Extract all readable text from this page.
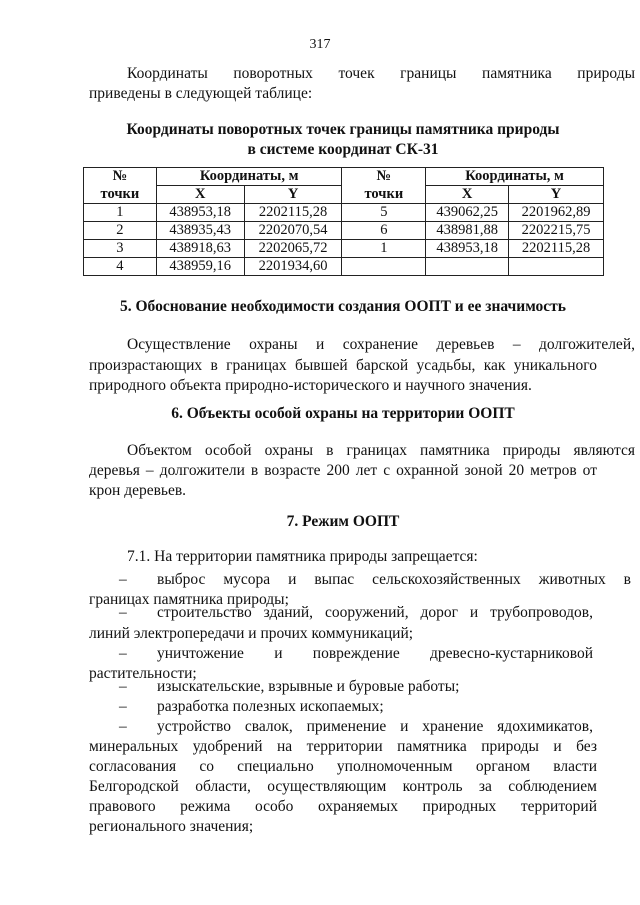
317
Координаты поворотных точек границы памятника природы
приведены в следующей таблице:
Координаты поворотных точек границы памятника природы
в системе координат СК-31
№	Координаты, м		№	Координаты, м	
точки	X	Y	точки	X	Y
1	438953,18	2202115,28	5	439062,25	2201962,89
2	438935,43	2202070,54	6	438981,88	2202215,75
3	438918,63	2202065,72	1	438953,18	2202115,28
4	438959,16	2201934,60			
5. Обоснование необходимости создания ООПТ и ее значимость
Осуществление охраны и сохранение деревьев – долгожителей,
произрастающих в границах бывшей барской усадьбы, как уникального
природного объекта природно-исторического и научного значения.
6. Объекты особой охраны на территории ООПТ
Объектом особой охраны в границах памятника природы являются
деревья – долгожители в возрасте 200 лет с охранной зоной 20 метров от
крон деревьев.
7. Режим ООПТ
7.1. На территории памятника природы запрещается:
– выброс мусора и выпас сельскохозяйственных животных в
границах памятника природы;
– строительство зданий, сооружений, дорог и трубопроводов,
линий электропередачи и прочих коммуникаций;
– уничтожение и повреждение древесно-кустарниковой
растительности;
– изыскательские, взрывные и буровые работы;
– разработка полезных ископаемых;
– устройство свалок, применение и хранение ядохимикатов,
минеральных удобрений на территории памятника природы и без
согласования со специально уполномоченным органом власти
Белгородской области, осуществляющим контроль за соблюдением
правового режима особо охраняемых природных территорий
регионального значения;
